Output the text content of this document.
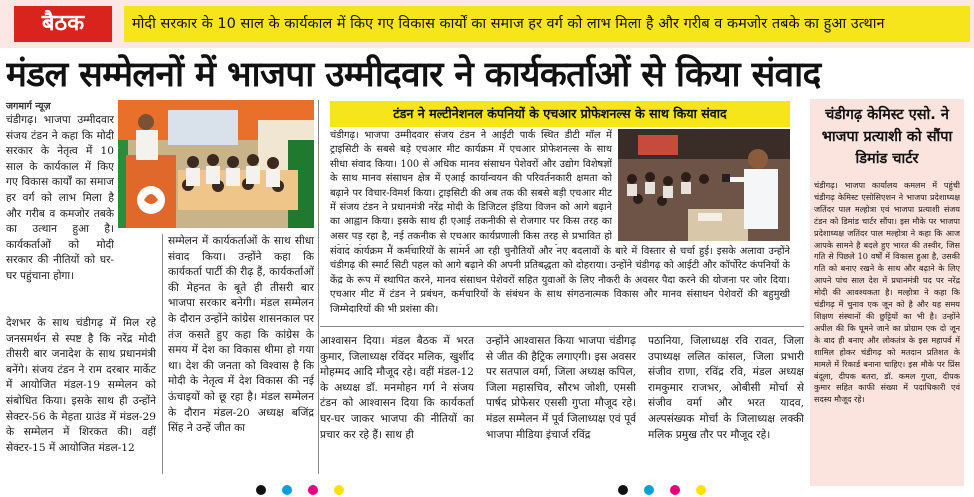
बैठक	मोदी सरकार के 10 साल के कार्यकाल में किए गए विकास कार्यों का समाज हर वर्ग को लाभ मिला है और गरीब व कमजोर तबके का हुआ उत्थान
मंडल सम्मेलनों में भाजपा उम्मीदवार ने कार्यकर्ताओं से किया संवाद
जगमार्ग न्यूज़
चंडीगढ़। भाजपा उम्मीदवार संजय टंडन ने कहा कि मोदी सरकार के नेतृत्व में 10 साल के कार्यकाल में किए गए विकास कार्यों का समाज हर वर्ग को लाभ मिला है और गरीब व कमजोर तबके का उत्थान हुआ है। कार्यकर्ताओं को मोदी सरकार की नीतियों को घर-घर पहुंचाना होगा।
देशभर के साथ चंडीगढ़ में मिल रहे जनसमर्थन से स्पष्ट है कि नरेंद्र मोदी तीसरी बार जनादेश के साथ प्रधानमंत्री बनेंगे। संजय टंडन ने राम दरबार मार्केट में आयोजित मंडल-19 सम्मेलन को संबोधित किया। इसके साथ ही उन्होंने सेक्टर-56 के मेहता ग्राउंड में मंडल-29 के सम्मेलन में शिरकत की। वहीं सेक्टर-15 में आयोजित मंडल-12
सम्मेलन में कार्यकर्ताओं के साथ सीधा संवाद किया। उन्होंने कहा कि कार्यकर्ता पार्टी की रीढ़ हैं, कार्यकर्ताओं की मेहनत के बूते ही तीसरी बार भाजपा सरकार बनेगी। मंडल सम्मेलन के दौरान उन्होंने कांग्रेस शासनकाल पर तंज कसते हुए कहा कि कांग्रेस के समय में देश का विकास थीमा हो गया था। देश की जनता को विश्वास है कि मोदी के नेतृत्व में देश विकास की नई ऊंचाइयों को छू रहा है। मंडल सम्मेलन के दौरान मंडल-20 अध्यक्ष बजिंद्र सिंह ने उन्हें जीत का
आश्वासन दिया। मंडल बैठक में भरत कुमार, जिलाध्यक्ष रविंदर मलिक, खुर्शीद मोहम्मद आदि मौजूद रहे। वहीं मंडल-12 के अध्यक्ष डॉ. मनमोहन गर्ग ने संजय टंडन को आश्वासन दिया कि कार्यकर्ता घर-घर जाकर भाजपा की नीतियों का प्रचार कर रहे हैं। साथ ही
उन्होंने आश्वासत किया भाजपा चंडीगढ़ से जीत की हैट्रिक लगाएगी। इस अवसर पर सतपाल वर्मा, जिला अध्यक्ष कपिल, जिला महासचिव, सौरभ जोशी, एमसी पार्षद प्रोफेसर एससी गुप्ता मौजूद रहे। मंडल सम्मेलन में पूर्व जिलाध्यक्ष एवं पूर्व भाजपा मीडिया इंचार्ज रविंद्र
पठानिया, जिलाध्यक्ष रवि रावत, जिला उपाध्यक्ष ललित कांसल, जिला प्रभारी संजीव राणा, रविंद्र रवि, मंडल अध्यक्ष रामकुमार राजभर, ओबीसी मोर्चा से संजीव वर्मा और भरत यादव, अल्पसंख्यक मोर्चा के जिलाध्यक्ष लक्की मलिक प्रमुख तौर पर मौजूद रहे।
टंडन ने मल्टीनेशनल कंपनियों के एचआर प्रोफेशनल्स के साथ किया संवाद
चंडीगढ़। भाजपा उम्मीदवार संजय टंडन ने आईटी पार्क स्थित डीटी मॉल में ट्राइसिटी के सबसे बड़े एचआर मीट कार्यक्रम में एचआर प्रोफेशनल्स के साथ सीधा संवाद किया। 100 से अधिक मानव संसाधन पेशेवरों और उद्योग विशेषज्ञों के साथ मानव संसाधन क्षेत्र में एआई कार्यान्वयन की परिवर्तनकारी क्षमता को बढ़ाने पर विचार-विमर्श किया। ट्राइसिटी की अब तक की सबसे बड़ी एचआर मीट में संजय टंडन ने प्रधानमंत्री नरेंद्र मोदी के डिजिटल इंडिया विजन को आगे बढ़ाने का आह्वान किया। इसके साथ ही एआई तकनीकी से रोजगार पर किस तरह का असर पड़ रहा है, नई तकनीक से एचआर कार्यप्रणाली किस तरह से प्रभावित हो
संवाद कार्यक्रम में कर्मचारियों के सामने आ रही चुनौतियों और नए बदलावों के बारे में विस्तार से चर्चा हुई। इसके अलावा उन्होंने चंडीगढ़ की स्मार्ट सिटी पहल को आगे बढ़ाने की अपनी प्रतिबद्धता को दोहराया। उन्होंने चंडीगढ़ को आईटी और कॉर्पोरेट कंपनियों के केंद्र के रूप में स्थापित करने, मानव संसाधन पेशेवरों सहित युवाओं के लिए नौकरी के अवसर पैदा करने की योजना पर जोर दिया। एचआर मीट में टंडन ने प्रबंधन, कर्मचारियों के संबंधन के साथ संगठनात्मक विकास और मानव संसाधन पेशेवरों की बहुमुखी जिम्मेदारियों की भी प्रशंसा की।
चंडीगढ़ केमिस्ट एसो. ने भाजपा प्रत्याशी को सौंपा डिमांड चार्टर
चंडीगढ़। भाजपा कार्यालय कमलम में पहुंची चंडीगढ़ केमिस्ट एसोसिएशन ने भाजपा प्रदेशाध्यक्ष जतिंदर पाल मल्होत्रा एवं भाजपा प्रत्याशी संजय टंडन को डिमांड चार्टर सौंपा। इस मौके पर भाजपा प्रदेशाध्यक्ष जतिंदर पाल मल्होत्रा ने कहा कि आज आपके सामने है बदले हुए भारत की तस्वीर, जिस गति से पिछले 10 वर्षों में विकास हुआ है, उसकी गति को बनाए रखने के साथ और बढ़ाने के लिए आपने पांच साल देश में प्रधानमंत्री पद पर नरेंद्र मोदी की आवश्यकता है। मल्होत्रा ने कहा कि चंडीगढ़ में चुनाव एक जून को है और यह समय शिक्षण संस्थानों की छुट्टियों का भी है। उन्होंने अपील की कि घूमने जाने का प्रोग्राम एक दो जून के बाद ही बनाए और लोकतंत्र के इस महापर्व में शामिल होकर चंडीगढ़ को मतदान प्रतिशत के मामले में रिकार्ड बनाना चाहिए। इस मौके पर प्रिंस बंदूला, दीपक बतरा, डॉ. कमल गुप्ता, दीपक कुमार सहित काफी संख्या में पदाधिकारी एवं सदस्य मौजूद रहे।
